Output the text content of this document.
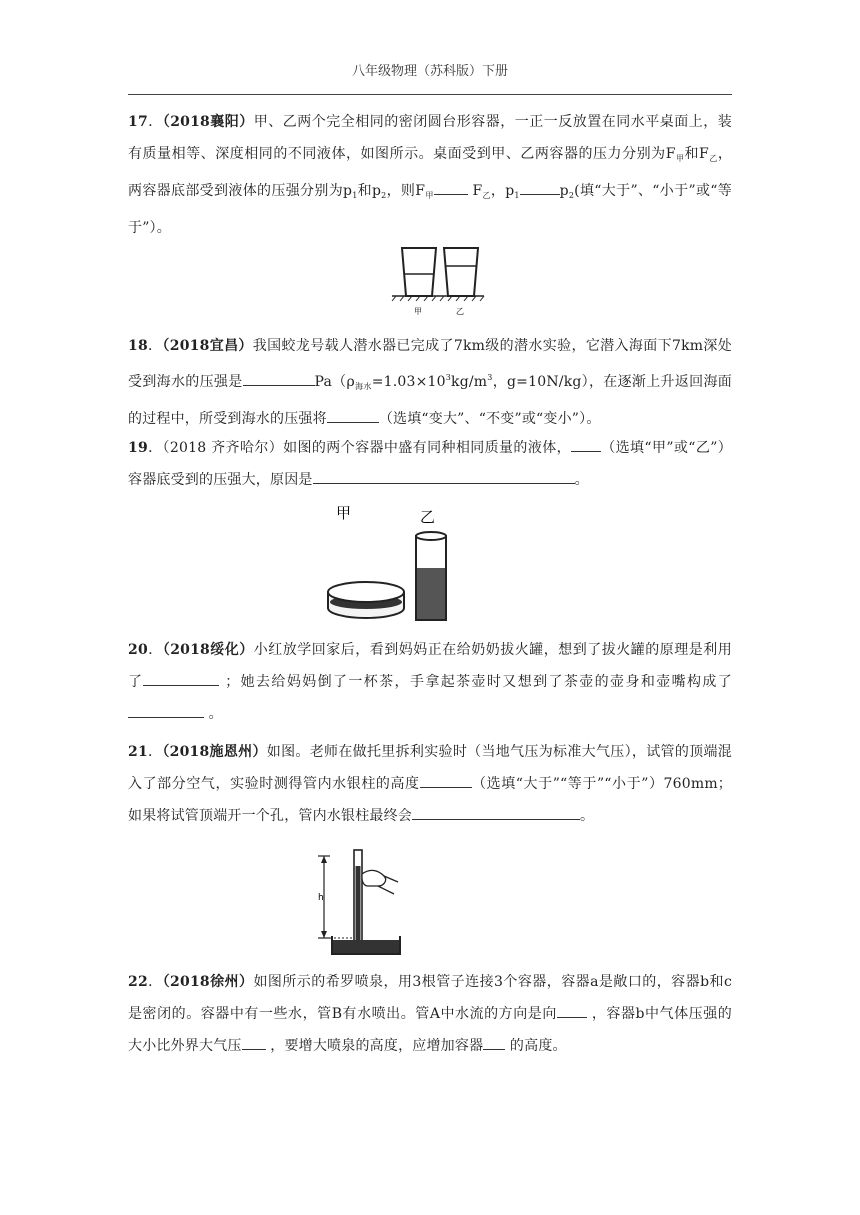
八年级物理（苏科版）下册
17．（2018襄阳）甲、乙两个完全相同的密闭圆台形容器，一正一反放置在同水平桌面上，装有质量相等、深度相同的不同液体，如图所示。桌面受到甲、乙两容器的压力分别为$F_甲$和$F_乙$，两容器底部受到液体的压强分别为$p_1$和$p_2$，则$F_甲$	$F_乙$，$p_1$	$p_2$(填“大于”、“小于”或“等于”）。
甲	乙
18．（2018宜昌）我国蛟龙号载人潜水器已完成了7km级的潜水实验，它潜入海面下7km深处受到海水的压强是	$Pa(\rho_{海水}=1.03\times 10^3kg/m^3$，g=10N/kg），在逐渐上升返回海面的过程中，所受到海水的压强将	（选填“变大”、“不变”或“变小”）。
19．（2018 齐齐哈尔）如图的两个容器中盛有同种相同质量的液体， （选填“甲”或“乙”）容器底受到的压强大，原因是	。
甲	乙
20．（2018绥化）小红放学回家后，看到妈妈正在给奶奶拔火罐，想到了拔火罐的原理是利用了	；她去给妈妈倒了一杯茶，手拿起茶壶时又想到了茶壶的壶身和壶嘴构成了 。
21．（2018施恩州）如图。老师在做托里拆利实验时（当地气压为标准大气压），试管的顶端混入了部分空气，实验时测得管内水银柱的高度	（选填“大于”“等于”“小于”）760mm；如果将试管顶端开一个孔，管内水银柱最终会	。
h
22．（2018徐州）如图所示的希罗喷泉，用3根管子连接3个容器，容器a是敞口的，容器b和c是密闭的。容器中有一些水，管B有水喷出。管A中水流的方向是向	，容器b中气体压强的大小比外界大气压 ，要增大喷泉的高度，应增加容器 的高度。
